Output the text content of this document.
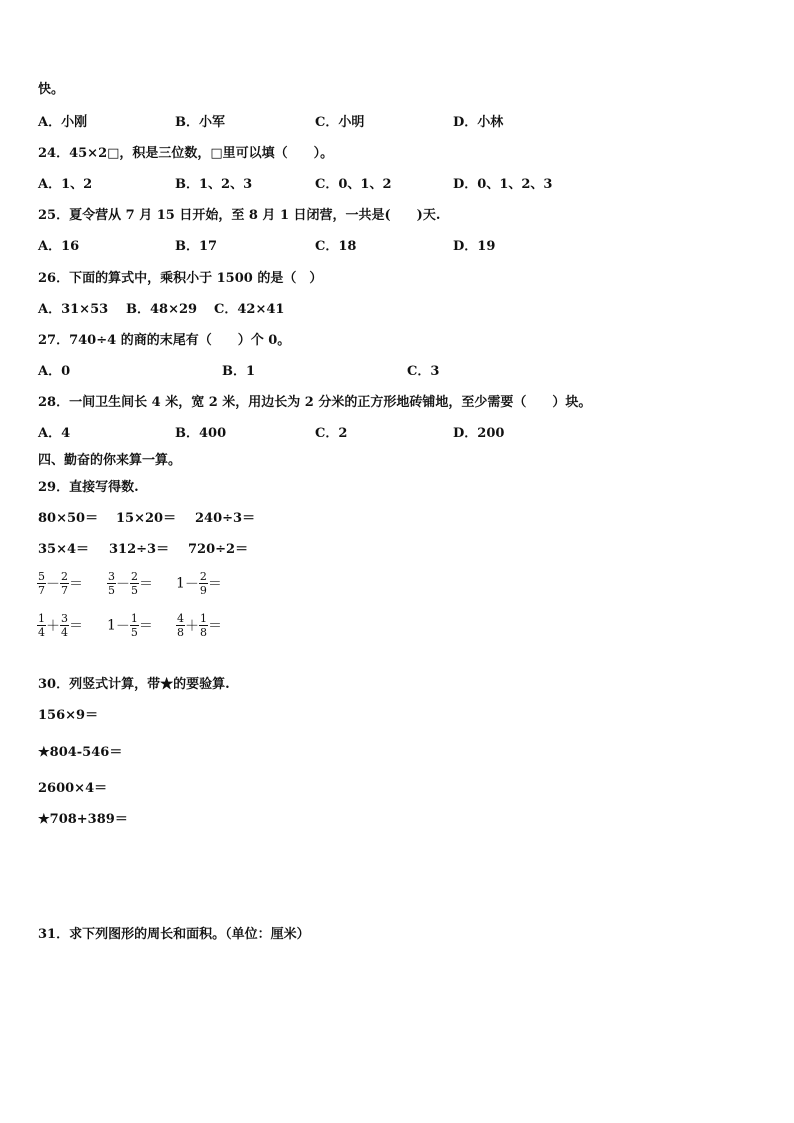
快。
A．小刚	B．小军	C．小明	D．小林
24．45×2□，积是三位数，□里可以填（　　）。
A．1、2	B．1、2、3	C．0、1、2	D．0、1、2、3
25．夏令营从 7 月 15 日开始，至 8 月 1 日闭营，一共是(　　)天.
A．16	B．17	C．18	D．19
26．下面的算式中，乘积小于 1500 的是（　）
A．31×53 B．48×29 C．42×41
27．740÷4 的商的末尾有（　　）个 0。
A．0	B．1	C．3
28．一间卫生间长 4 米，宽 2 米，用边长为 2 分米的正方形地砖铺地，至少需要（　　）块。
A．4	B．400	C．2	D．200
四、勤奋的你来算一算。
29．直接写得数.
80×50＝ 15×20＝ 240÷3＝
35×4＝ 312÷3＝ 720÷2＝
$\frac{5}{7} - \frac{2}{7} = \frac{3}{5} - \frac{2}{5} = 1- \frac{2}{9}$ ＝
$\frac{1}{4} + \frac{3}{4} = 1- \frac{1}{5} = \frac{4}{8} + \frac{1}{8}$ ＝
30．列竖式计算，带★的要验算.
156×9＝
★804-546＝
2600×4＝
★708+389＝
31．求下列图形的周长和面积。（单位：厘米）
